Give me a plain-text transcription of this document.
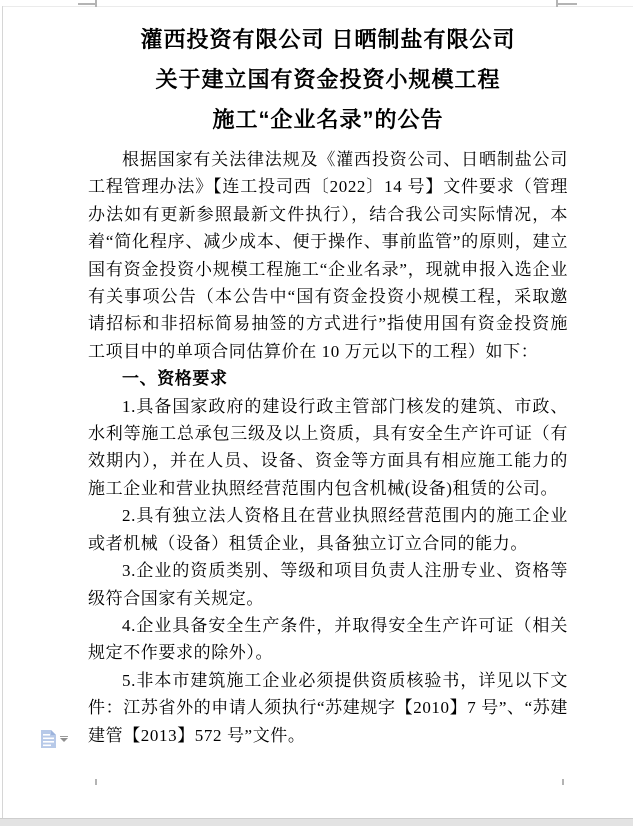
灌西投资有限公司 日晒制盐有限公司
关于建立国有资金投资小规模工程
施工“企业名录”的公告

根据国家有关法律法规及《灌西投资公司、日晒制盐公司工程管理办法》【连工投司西〔2022〕14 号】文件要求（管理办法如有更新参照最新文件执行），结合我公司实际情况，本着“简化程序、减少成本、便于操作、事前监管”的原则，建立国有资金投资小规模工程施工“企业名录”，现就申报入选企业有关事项公告（本公告中“国有资金投资小规模工程，采取邀请招标和非招标简易抽签的方式进行”指使用国有资金投资施工项目中的单项合同估算价在 10 万元以下的工程）如下：

一、资格要求

1.具备国家政府的建设行政主管部门核发的建筑、市政、水利等施工总承包三级及以上资质，具有安全生产许可证（有效期内），并在人员、设备、资金等方面具有相应施工能力的施工企业和营业执照经营范围内包含机械(设备)租赁的公司。

2.具有独立法人资格且在营业执照经营范围内的施工企业或者机械（设备）租赁企业，具备独立订立合同的能力。

3.企业的资质类别、等级和项目负责人注册专业、资格等级符合国家有关规定。

4.企业具备安全生产条件，并取得安全生产许可证（相关规定不作要求的除外）。

5.非本市建筑施工企业必须提供资质核验书，详见以下文件：江苏省外的申请人须执行“苏建规字【2010】7 号”、“苏建建管【2013】572 号”文件。
